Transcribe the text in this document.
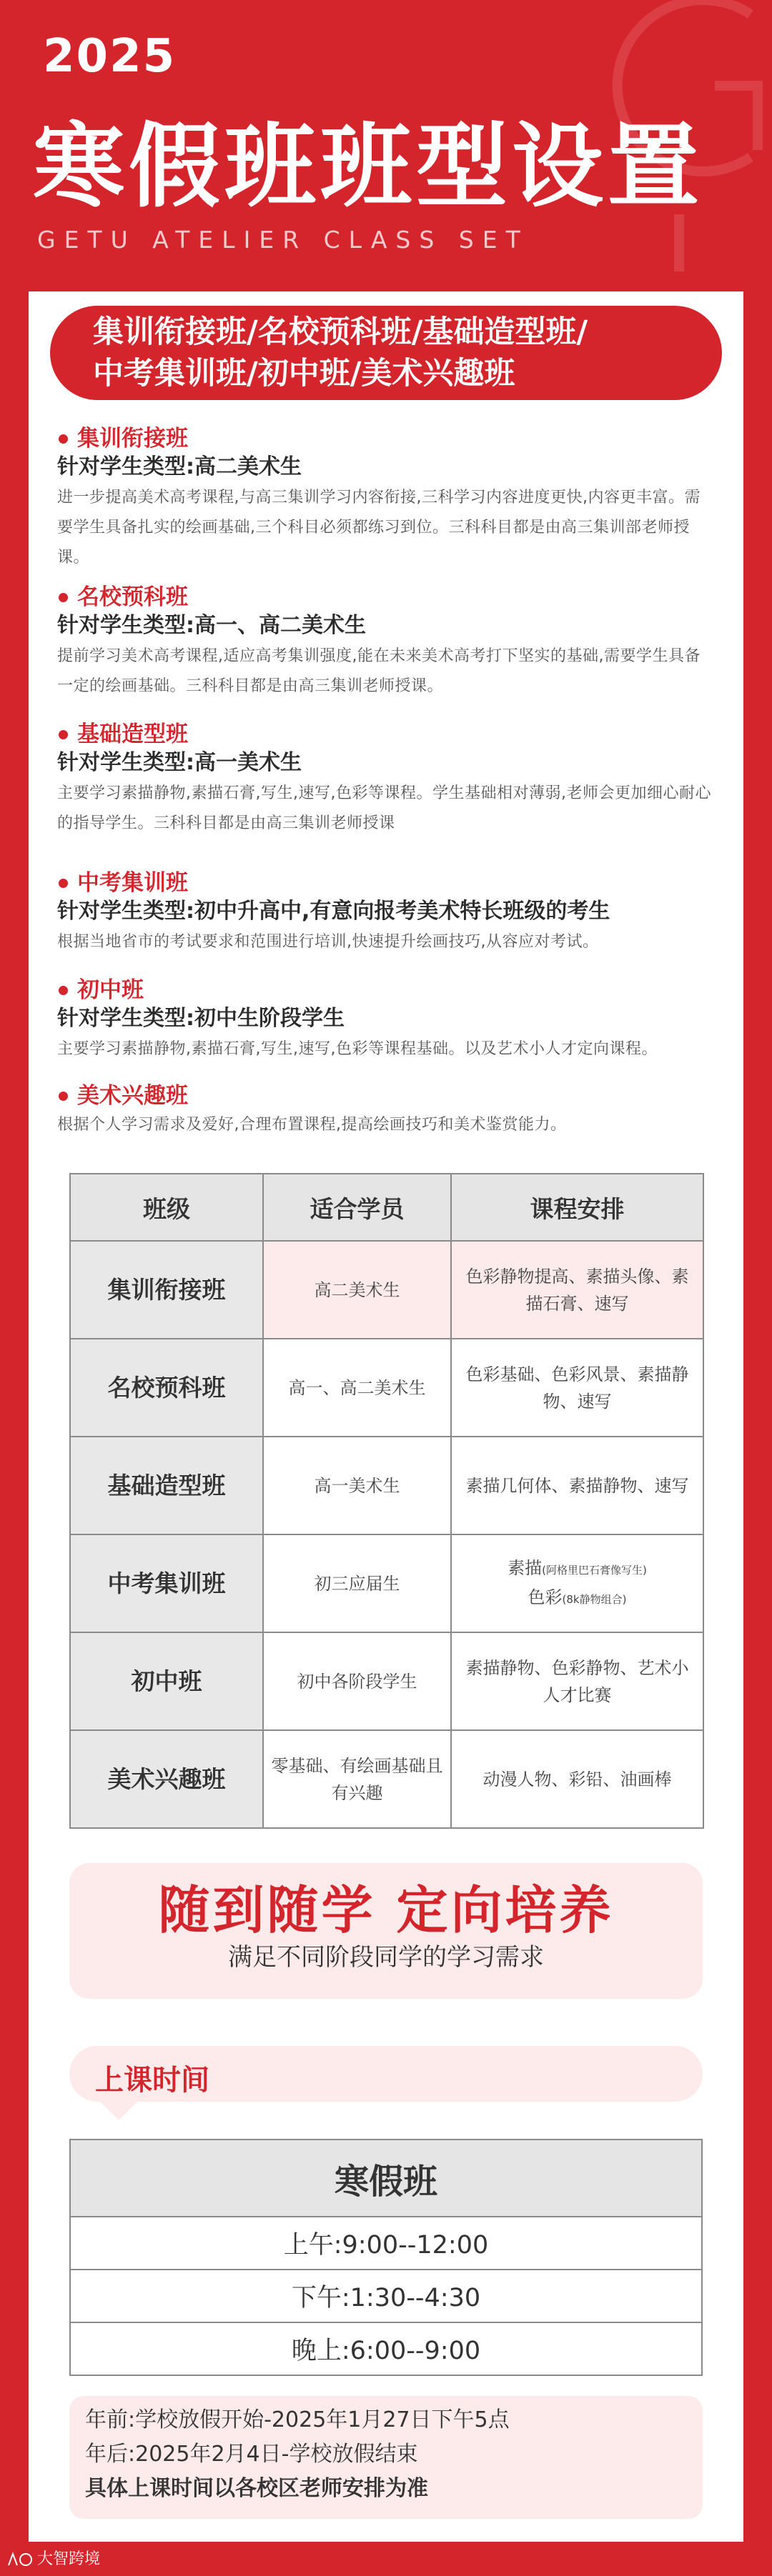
2025
寒假班班型设置
GETU ATELIER CLASS SET
集训衔接班/名校预科班/基础造型班/
中考集训班/初中班/美术兴趣班
集训衔接班
针对学生类型:高二美术生
进一步提高美术高考课程,与高三集训学习内容衔接,三科学习内容进度更快,内容更丰富。需要学生具备扎实的绘画基础,三个科目必须都练习到位。三科科目都是由高三集训部老师授课。
名校预科班
针对学生类型:高一、高二美术生
提前学习美术高考课程,适应高考集训强度,能在未来美术高考打下坚实的基础,需要学生具备一定的绘画基础。三科科目都是由高三集训老师授课。
基础造型班
针对学生类型:高一美术生
主要学习素描静物,素描石膏,写生,速写,色彩等课程。学生基础相对薄弱,老师会更加细心耐心的指导学生。三科科目都是由高三集训老师授课
中考集训班
针对学生类型:初中升高中,有意向报考美术特长班级的考生
根据当地省市的考试要求和范围进行培训,快速提升绘画技巧,从容应对考试。
初中班
针对学生类型:初中生阶段学生
主要学习素描静物,素描石膏,写生,速写,色彩等课程基础。以及艺术小人才定向课程。
美术兴趣班
根据个人学习需求及爱好,合理布置课程,提高绘画技巧和美术鉴赏能力。
班级	适合学员	课程安排
集训衔接班	高二美术生	色彩静物提高、素描头像、素描石膏、速写
名校预科班	高一、高二美术生	色彩基础、色彩风景、素描静物、速写
基础造型班	高一美术生	素描几何体、素描静物、速写
中考集训班	初三应届生	素描(阿格里巴石膏像写生)
色彩(8k静物组合)

初中班	初中各阶段学生	素描静物、色彩静物、艺术小人才比赛
美术兴趣班	零基础、有绘画基础且有兴趣	动漫人物、彩铅、油画棒
随到随学 定向培养
满足不同阶段同学的学习需求
上课时间
寒假班
上午:9:00--12:00
下午:1:30--4:30
晚上:6:00--9:00
年前:学校放假开始-2025年1月27日下午5点
年后:2025年2月4日-学校放假结束
具体上课时间以各校区老师安排为准
大智跨境
